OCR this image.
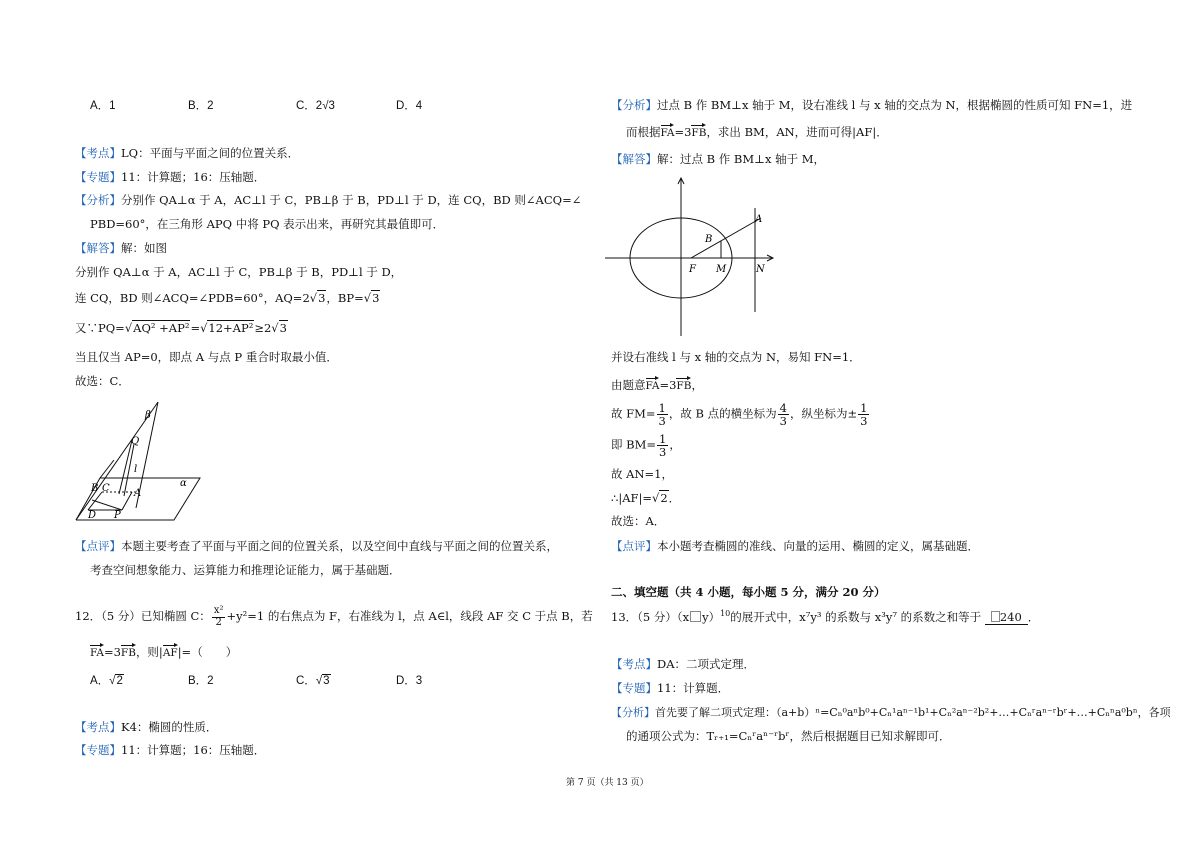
A．1	B．2	C．2√3	D．4
【考点】LQ：平面与平面之间的位置关系．
【专题】11：计算题；16：压轴题．
【分析】分别作 QA⊥α 于 A，AC⊥l 于 C，PB⊥β 于 B，PD⊥l 于 D，连 CQ，BD 则∠ACQ=∠
PBD=60°，在三角形 APQ 中将 PQ 表示出来，再研究其最值即可．
【解答】解：如图
分别作 QA⊥α 于 A，AC⊥l 于 C，PB⊥β 于 B，PD⊥l 于 D，
连 CQ，BD 则∠ACQ=∠PDB=60°，AQ=2√3，BP=√3
又∵PQ=√AQ² +AP²=√12+AP²≥2√3
当且仅当 AP=0，即点 A 与点 P 重合时取最小值．
故选：C．
β
Q
l
B C A
α
D P
【点评】本题主要考查了平面与平面之间的位置关系，以及空间中直线与平面之间的位置关系，
考查空间想象能力、运算能力和推理论证能力，属于基础题．
12．（5 分）已知椭圆 C： $\frac{\text{x²}}{2} +y^2=1$ 的右焦点为 F，右准线为 l，点 A∈l，线段 AF 交 C 于点 B，若
FA=3FB，则|AF|=（　　）
A．√2	B．2	C．√3	D．3
【考点】K4：椭圆的性质．
【专题】11：计算题；16：压轴题．
【分析】过点 B 作 BM⊥x 轴于 M，设右准线 l 与 x 轴的交点为 N，根据椭圆的性质可知 FN=1，进
而根据FA=3FB，求出 BM，AN，进而可得|AF|．
【解答】解：过点 B 作 BM⊥x 轴于 M，
A
B
F M	N
并设右准线 l 与 x 轴的交点为 N，易知 FN=1．
由题意FA=3FB，
故 $FM= \frac{1}{3}$ ，故 B 点的横坐标为 $\frac{4}{3}$ ，纵坐标为± $\frac{1}{3}$
即 $BM= \frac{1}{3}$ ，
故 AN=1，
∴|AF|=√2．
故选：A．
【点评】本小题考查椭圆的准线、向量的运用、椭圆的定义，属基础题．
二、填空题（共 4 小题，每小题 5 分，满分 20 分）
13．（5 分）（x y）$^{10}$的展开式中，x⁷y³ 的系数与 x³y⁷ 的系数之和等于 240 ．
【考点】DA：二项式定理．
【专题】11：计算题．
【分析】首先要了解二项式定理：（a+b）ⁿ=Cₙ⁰aⁿb⁰+Cₙ¹aⁿ⁻¹b¹+Cₙ²aⁿ⁻²b²+…+Cₙʳaⁿ⁻ʳbʳ+…+Cₙⁿa⁰bⁿ，各项
的通项公式为：Tᵣ₊₁=Cₙʳaⁿ⁻ʳbʳ，然后根据题目已知求解即可．
第 7 页（共 13 页）
